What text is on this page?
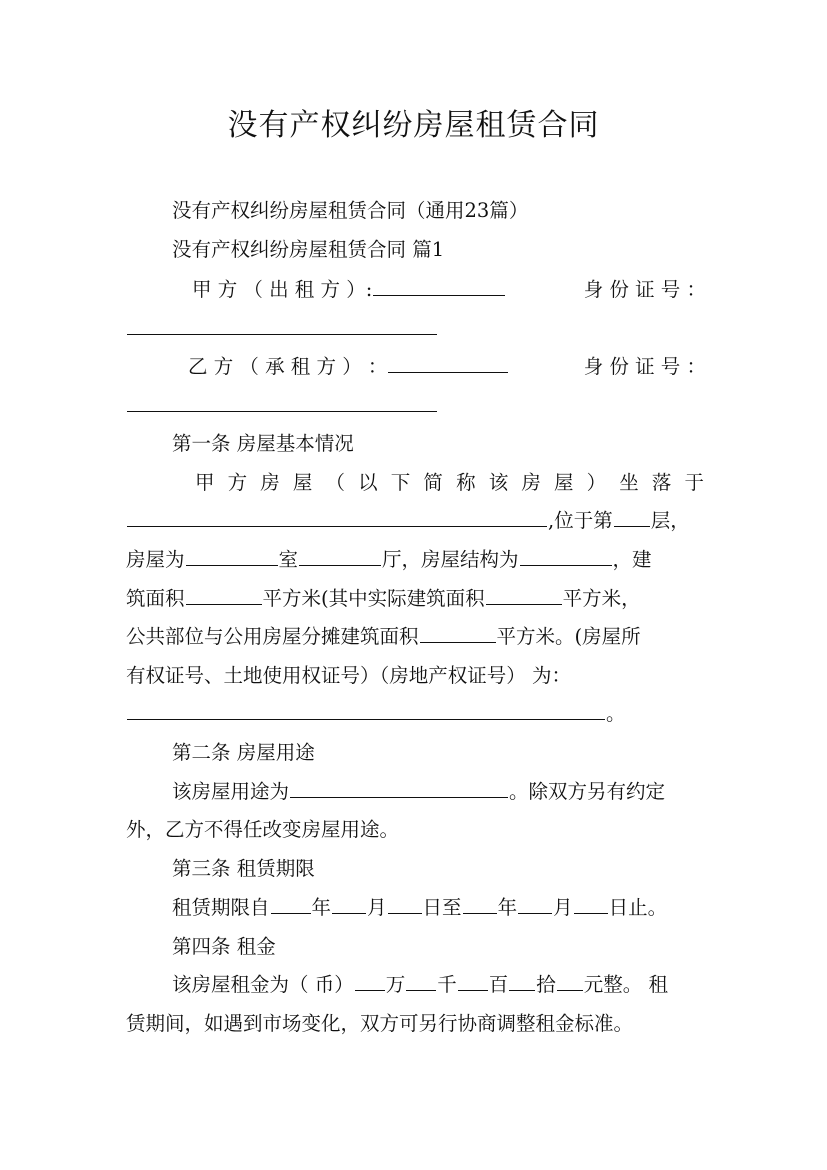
没有产权纠纷房屋租赁合同
没有产权纠纷房屋租赁合同（通用23篇）
没有产权纠纷房屋租赁合同 篇1
甲 方 （ 出 租 方 ）:	身 份 证 号 ：
乙 方 （ 承 租 方 ） ：	身 份 证 号 ：
第一条 房屋基本情况
甲 方 房 屋 （ 以 下 简 称 该 房 屋 ） 坐 落 于
,位于第 层，
房屋为	室	厅，房屋结构为	，建
筑面积	平方米(其中实际建筑面积	平方米，
公共部位与公用房屋分摊建筑面积	平方米。(房屋所
有权证号、土地使用权证号）（房地产权证号） 为：
。
第二条 房屋用途
该房屋用途为	。除双方另有约定
外，乙方不得任改变房屋用途。
第三条 租赁期限
租赁期限自 年 月 日至 年 月 日止。
第四条 租金
该房屋租金为（ 币） 万 千 百 拾 元整。 租
赁期间，如遇到市场变化，双方可另行协商调整租金标准。
